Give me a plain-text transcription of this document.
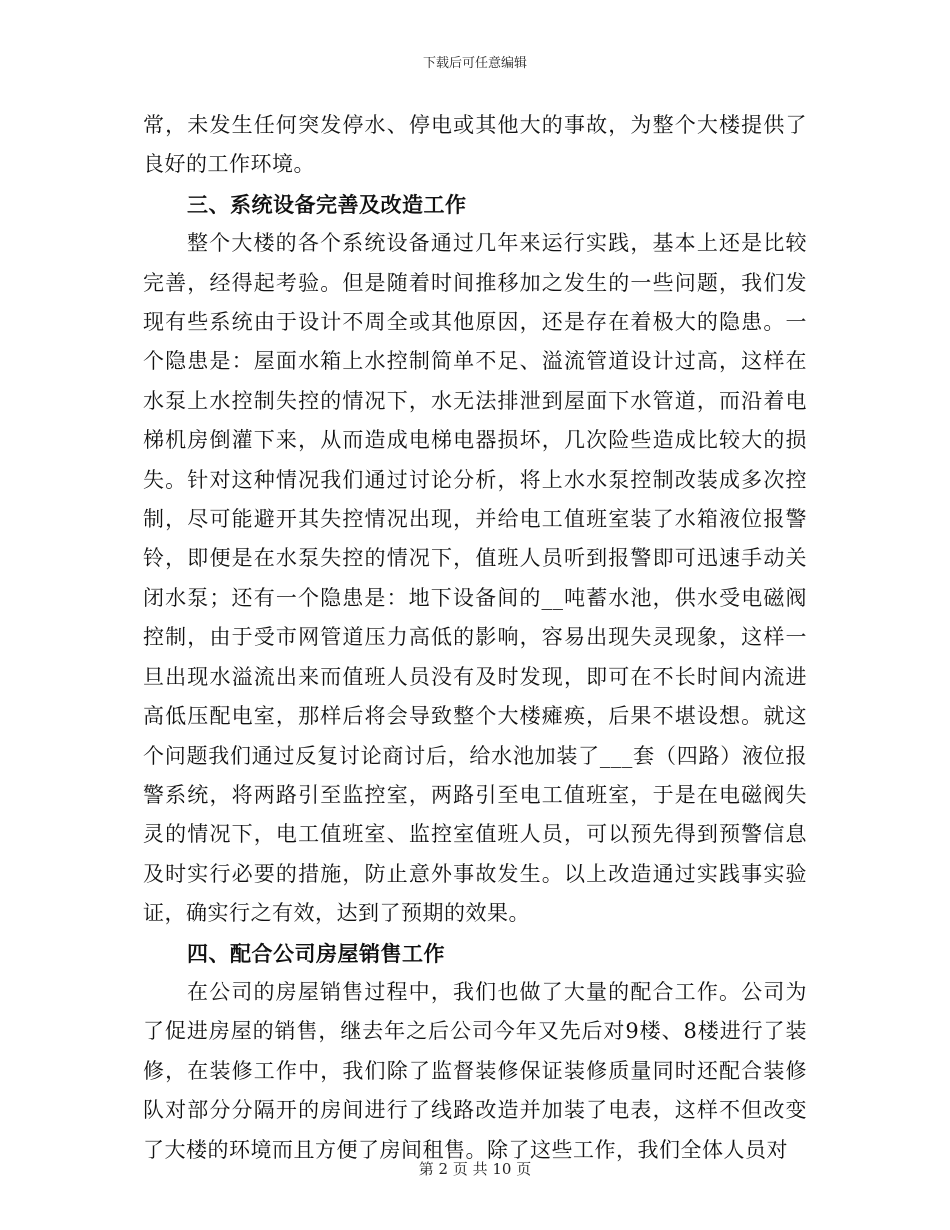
下载后可任意编辑

常，未发生任何突发停水、停电或其他大的事故，为整个大楼提供了良好的工作环境。

三、系统设备完善及改造工作

整个大楼的各个系统设备通过几年来运行实践，基本上还是比较完善，经得起考验。但是随着时间推移加之发生的一些问题，我们发现有些系统由于设计不周全或其他原因，还是存在着极大的隐患。一个隐患是：屋面水箱上水控制简单不足、溢流管道设计过高，这样在水泵上水控制失控的情况下，水无法排泄到屋面下水管道，而沿着电梯机房倒灌下来，从而造成电梯电器损坏，几次险些造成比较大的损失。针对这种情况我们通过讨论分析，将上水水泵控制改装成多次控制，尽可能避开其失控情况出现，并给电工值班室装了水箱液位报警铃，即便是在水泵失控的情况下，值班人员听到报警即可迅速手动关闭水泵；还有一个隐患是：地下设备间的__吨蓄水池，供水受电磁阀控制，由于受市网管道压力高低的影响，容易出现失灵现象，这样一旦出现水溢流出来而值班人员没有及时发现，即可在不长时间内流进高低压配电室，那样后将会导致整个大楼瘫痪，后果不堪设想。就这个问题我们通过反复讨论商讨后，给水池加装了___套（四路）液位报警系统，将两路引至监控室，两路引至电工值班室，于是在电磁阀失灵的情况下，电工值班室、监控室值班人员，可以预先得到预警信息及时实行必要的措施，防止意外事故发生。以上改造通过实践事实验证，确实行之有效，达到了预期的效果。

四、配合公司房屋销售工作

在公司的房屋销售过程中，我们也做了大量的配合工作。公司为了促进房屋的销售，继去年之后公司今年又先后对9楼、8楼进行了装修，在装修工作中，我们除了监督装修保证装修质量同时还配合装修队对部分分隔开的房间进行了线路改造并加装了电表，这样不但改变了大楼的环境而且方便了房间租售。除了这些工作，我们全体人员对

第 2 页 共 10 页
